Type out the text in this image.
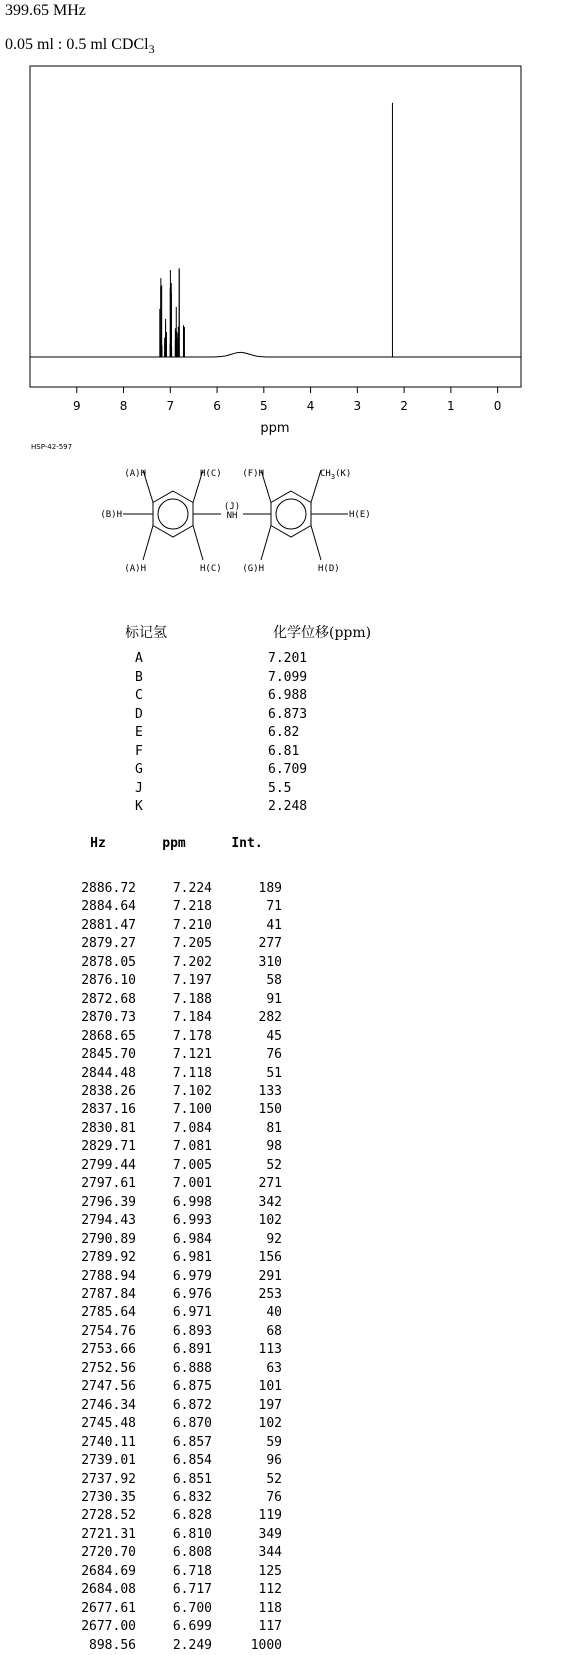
399.65 MHz
0.05 ml : 0.5 ml CDCl$_3$
9	8	7	6	5	4	3	2	1	0
ppm
HSP-42-597
(A)H	H(C) (F)H	$CH_3(K)$
(B)H
(J)
NH	H(E)
(A)H	H(C) (G)H	H(D)
标记氢	化学位移(ppm)
A	7.201
B	7.099
C	6.988
D	6.873
E	6.82
F	6.81
G	6.709
J	5.5
K	2.248
Hz	ppm	Int.

2886.72	7.224	189
2884.64	7.218	71
2881.47	7.210	41
2879.27	7.205	277
2878.05	7.202	310
2876.10	7.197	58
2872.68	7.188	91
2870.73	7.184	282
2868.65	7.178	45
2845.70	7.121	76
2844.48	7.118	51
2838.26	7.102	133
2837.16	7.100	150
2830.81	7.084	81
2829.71	7.081	98
2799.44	7.005	52
2797.61	7.001	271
2796.39	6.998	342
2794.43	6.993	102
2790.89	6.984	92
2789.92	6.981	156
2788.94	6.979	291
2787.84	6.976	253
2785.64	6.971	40
2754.76	6.893	68
2753.66	6.891	113
2752.56	6.888	63
2747.56	6.875	101
2746.34	6.872	197
2745.48	6.870	102
2740.11	6.857	59
2739.01	6.854	96
2737.92	6.851	52
2730.35	6.832	76
2728.52	6.828	119
2721.31	6.810	349
2720.70	6.808	344
2684.69	6.718	125
2684.08	6.717	112
2677.61	6.700	118
2677.00	6.699	117
898.56	2.249	1000
